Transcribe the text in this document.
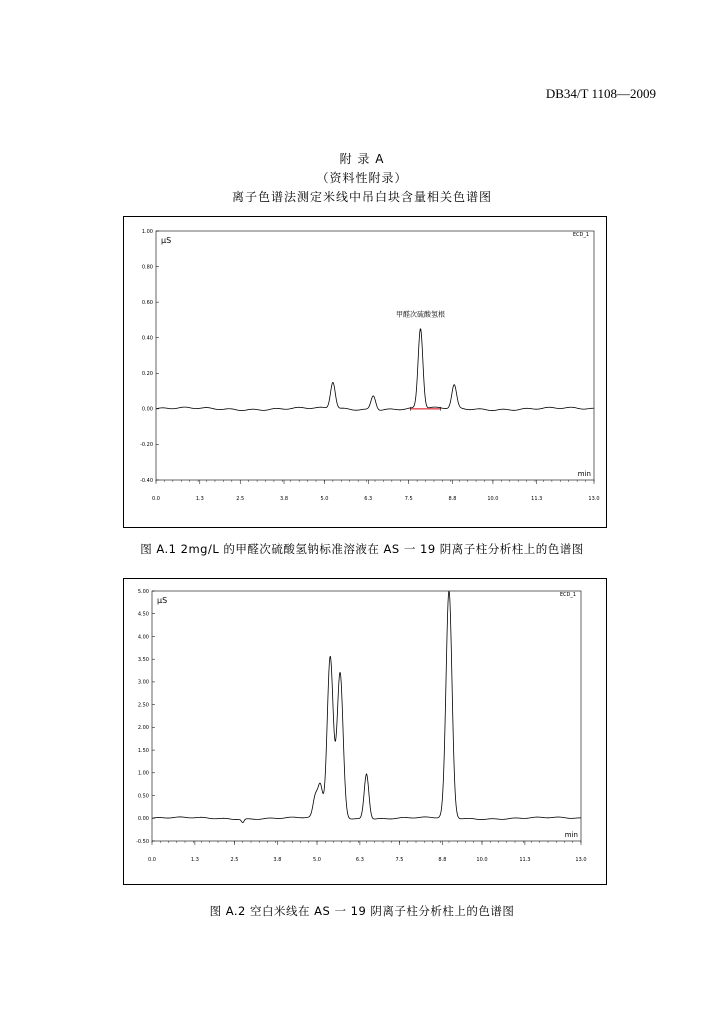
DB34/T 1108—2009
附 录 A
（资料性附录）
离子色谱法测定米线中吊白块含量相关色谱图
1.00
0.80
0.60
0.40
0.20
0.00
-0.20
-0.40
0.0	1.3	2.5	3.8	5.0	6.3	7.5	8.8	10.0	11.3	13.0
µS
min
ECD_1
甲醛次硫酸氢根
图 A.1 2mg/L 的甲醛次硫酸氢钠标准溶液在 AS 一 19 阴离子柱分析柱上的色谱图
5.00
4.50
4.00
3.50
3.00
2.50
2.00
1.50
1.00
0.50
0.00
-0.50
0.0	1.3	2.5	3.8	5.0	6.3	7.5	8.8	10.0	11.3	13.0
µS
min
ECD_1
图 A.2 空白米线在 AS 一 19 阴离子柱分析柱上的色谱图
